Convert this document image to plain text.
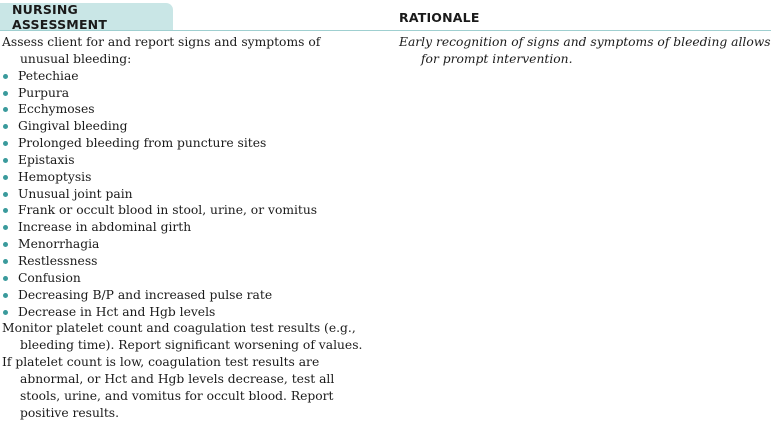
NURSING ASSESSMENT	RATIONALE

Assess client for and report signs and symptoms of unusual bleeding:

Petechiae
Purpura
Ecchymoses
Gingival bleeding
Prolonged bleeding from puncture sites
Epistaxis
Hemoptysis
Unusual joint pain
Frank or occult blood in stool, urine, or vomitus
Increase in abdominal girth
Menorrhagia
Restlessness
Confusion
Decreasing B/P and increased pulse rate
Decrease in Hct and Hgb levels

Monitor platelet count and coagulation test results (e.g., bleeding time). Report significant worsening of values.

If platelet count is low, coagulation test results are abnormal, or Hct and Hgb levels decrease, test all stools, urine, and vomitus for occult blood. Report positive results.

Early recognition of signs and symptoms of bleeding allows for prompt intervention.
